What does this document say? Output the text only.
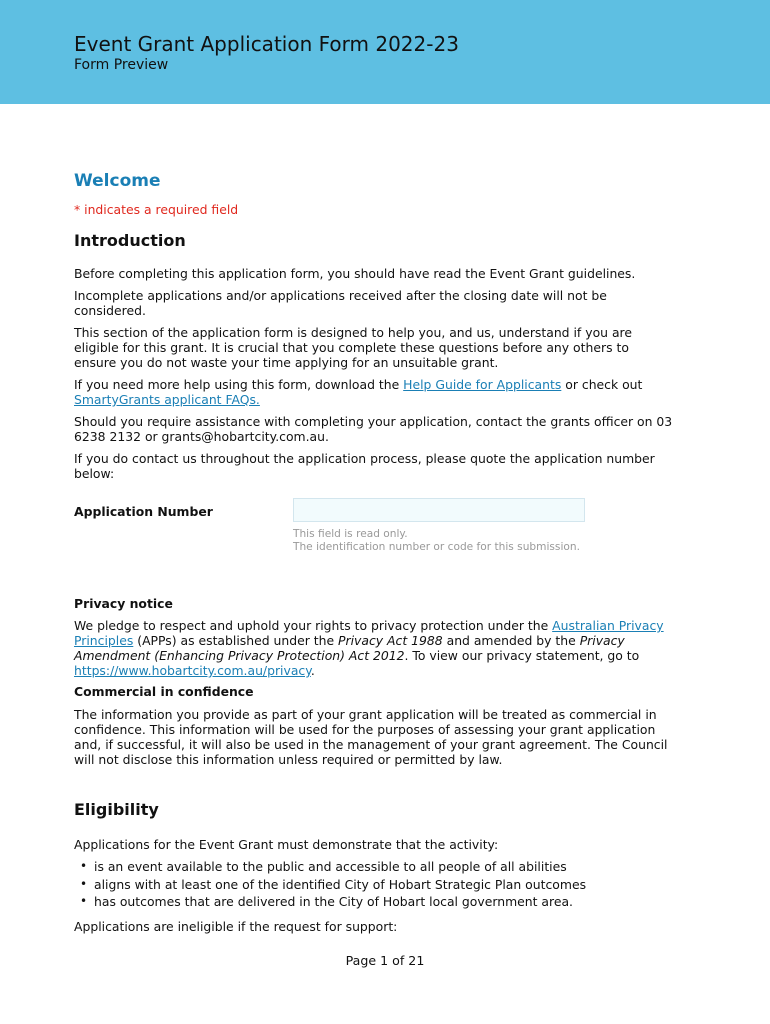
Event Grant Application Form 2022-23
Form Preview
Welcome

* indicates a required field

Introduction

Before completing this application form, you should have read the Event Grant guidelines.

Incomplete applications and/or applications received after the closing date will not be considered.

This section of the application form is designed to help you, and us, understand if you are eligible for this grant. It is crucial that you complete these questions before any others to ensure you do not waste your time applying for an unsuitable grant.

If you need more help using this form, download the Help Guide for Applicants or check out SmartyGrants applicant FAQs.

Should you require assistance with completing your application, contact the grants officer on 03 6238 2132 or grants@hobartcity.com.au.

If you do contact us throughout the application process, please quote the application number below:

Application Number
This field is read only.
The identification number or code for this submission.

Privacy notice

We pledge to respect and uphold your rights to privacy protection under the Australian Privacy Principles (APPs) as established under the Privacy Act 1988 and amended by the Privacy Amendment (Enhancing Privacy Protection) Act 2012. To view our privacy statement, go to https://www.hobartcity.com.au/privacy.

Commercial in confidence

The information you provide as part of your grant application will be treated as commercial in confidence. This information will be used for the purposes of assessing your grant application and, if successful, it will also be used in the management of your grant agreement. The Council will not disclose this information unless required or permitted by law.

Eligibility

Applications for the Event Grant must demonstrate that the activity:

• is an event available to the public and accessible to all people of all abilities
• aligns with at least one of the identified City of Hobart Strategic Plan outcomes
• has outcomes that are delivered in the City of Hobart local government area.

Applications are ineligible if the request for support:

Page 1 of 21
